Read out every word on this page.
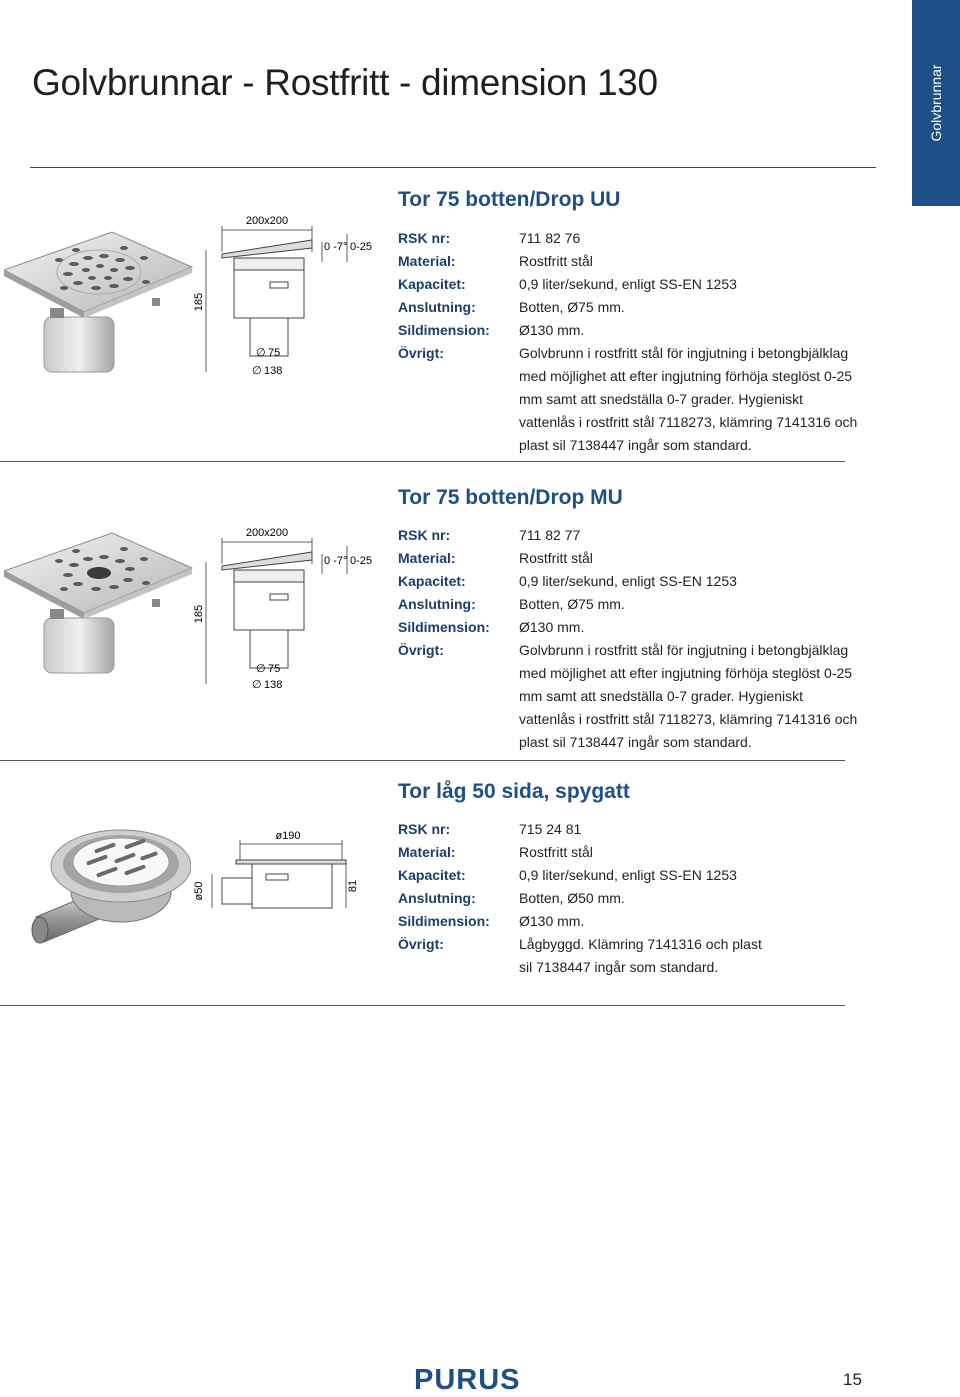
Golvbrunnar
Golvbrunnar - Rostfritt - dimension 130
200x200
185
0 -7° 0-25
∅ 75
∅ 138
Tor 75 botten/Drop UU
RSK nr:	711 82 76
Material:	Rostfritt stål
Kapacitet:	0,9 liter/sekund, enligt SS-EN 1253
Anslutning:	Botten, Ø75 mm.
Sildimension:	Ø130 mm.
Övrigt:	Golvbrunn i rostfritt stål för ingjutning i betongbjälklag med möjlighet att efter ingjutning förhöja steglöst 0-25 mm samt att snedställa 0-7 grader. Hygieniskt vattenlås i rostfritt stål 7118273, klämring 7141316 och plast sil 7138447 ingår som standard.
200x200
185
0 -7° 0-25
∅ 75
∅ 138
Tor 75 botten/Drop MU
RSK nr:	711 82 77
Material:	Rostfritt stål
Kapacitet:	0,9 liter/sekund, enligt SS-EN 1253
Anslutning:	Botten, Ø75 mm.
Sildimension:	Ø130 mm.
Övrigt:	Golvbrunn i rostfritt stål för ingjutning i betongbjälklag med möjlighet att efter ingjutning förhöja steglöst 0-25 mm samt att snedställa 0-7 grader. Hygieniskt vattenlås i rostfritt stål 7118273, klämring 7141316 och plast sil 7138447 ingår som standard.
ø190
ø50	81
Tor låg 50 sida, spygatt
RSK nr:	715 24 81
Material:	Rostfritt stål
Kapacitet:	0,9 liter/sekund, enligt SS-EN 1253
Anslutning:	Botten, Ø50 mm.
Sildimension:	Ø130 mm.
Övrigt:	Lågbyggd. Klämring 7141316 och plast sil 7138447 ingår som standard.
PURUS	15
